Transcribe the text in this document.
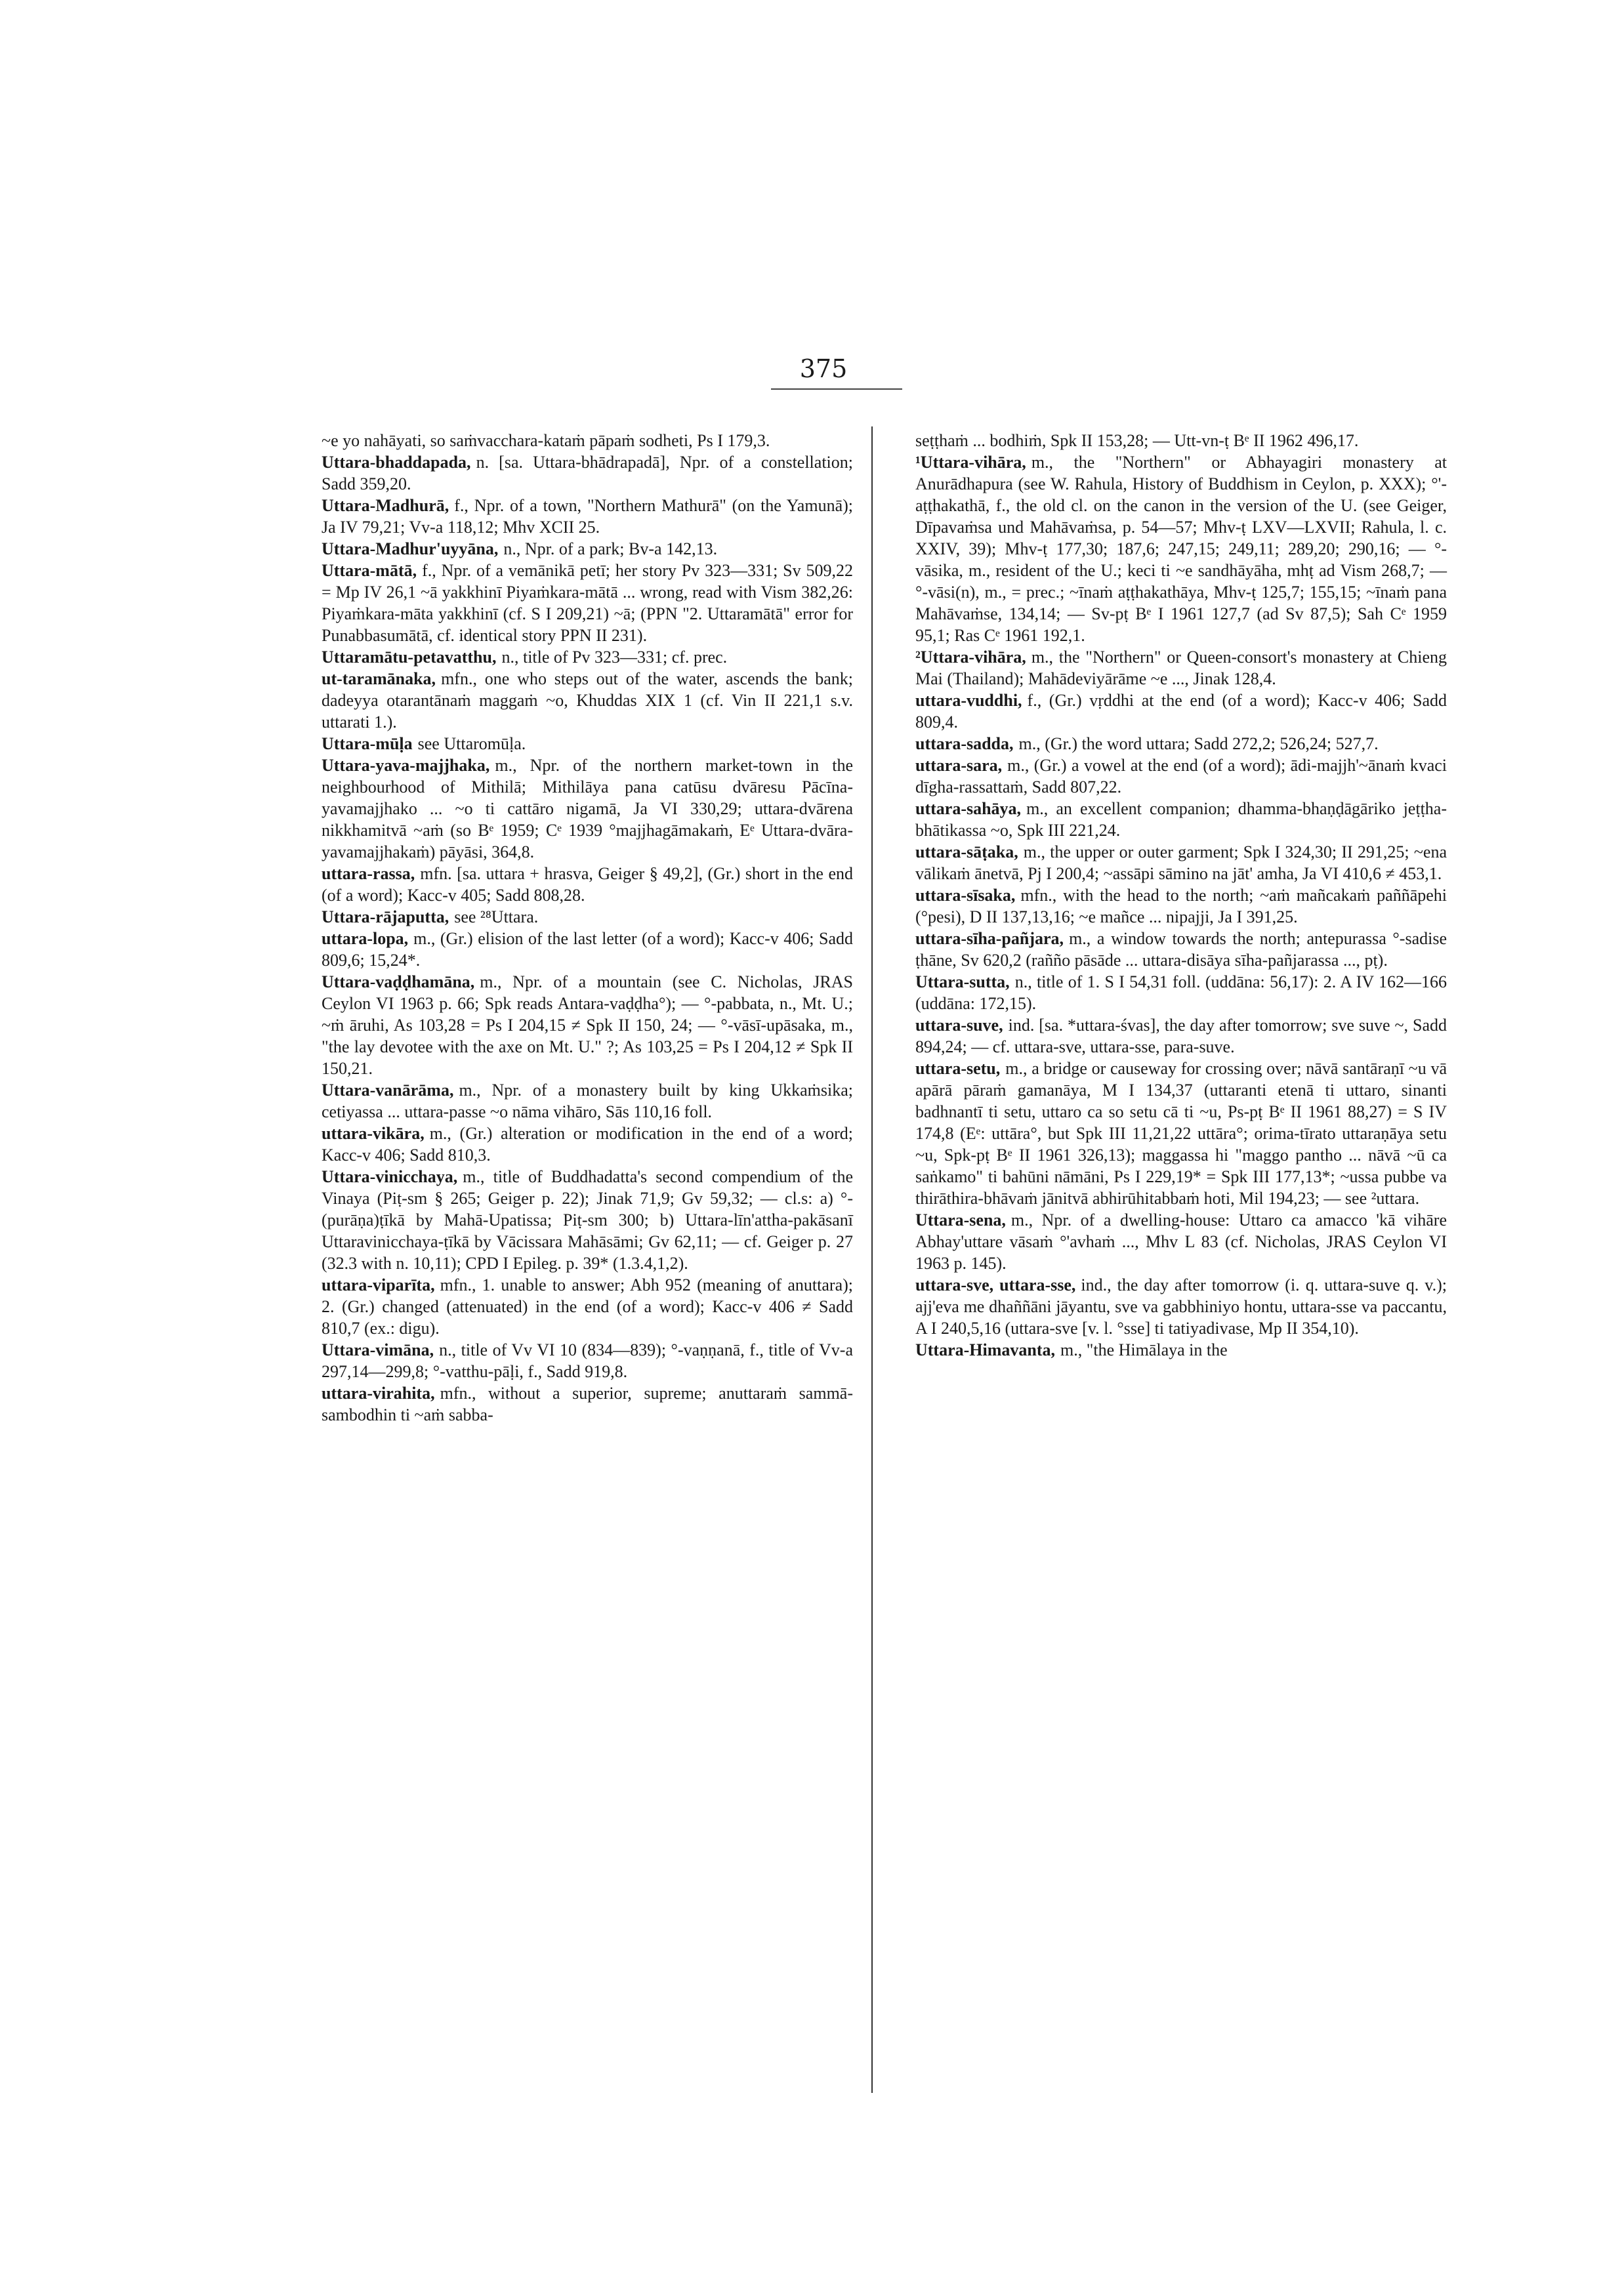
375

~e yo nahāyati, so saṁvacchara-kataṁ pāpaṁ sodheti, Ps I 179,3.

Uttara-bhaddapada, n. [sa. Uttara-bhādrapadā], Npr. of a constellation; Sadd 359,20.

Uttara-Madhurā, f., Npr. of a town, "Northern Mathurā" (on the Yamunā); Ja IV 79,21; Vv-a 118,12; Mhv XCII 25.

Uttara-Madhur'uyyāna, n., Npr. of a park; Bv-a 142,13.

Uttara-mātā, f., Npr. of a vemānikā petī; her story Pv 323—331; Sv 509,22 = Mp IV 26,1 ~ā yakkhinī Piyaṁkara-mātā ... wrong, read with Vism 382,26: Piyaṁkara-māta yakkhinī (cf. S I 209,21) ~ā; (PPN "2. Uttaramātā" error for Punabbasumātā, cf. identical story PPN II 231).

Uttaramātu-petavatthu, n., title of Pv 323—331; cf. prec.

ut-taramānaka, mfn., one who steps out of the water, ascends the bank; dadeyya otarantānaṁ maggaṁ ~o, Khuddas XIX 1 (cf. Vin II 221,1 s.v. uttarati 1.).

Uttara-mūḷa see Uttaromūḷa.

Uttara-yava-majjhaka, m., Npr. of the northern market-town in the neighbourhood of Mithilā; Mithilāya pana catūsu dvāresu Pācīna-yavamajjhako ... ~o ti cattāro nigamā, Ja VI 330,29; uttara-dvārena nikkhamitvā ~aṁ (so Bᵉ 1959; Cᵉ 1939 °majjhagāmakaṁ, Eᵉ Uttara-dvāra-yavamajjhakaṁ) pāyāsi, 364,8.

uttara-rassa, mfn. [sa. uttara + hrasva, Geiger § 49,2], (Gr.) short in the end (of a word); Kacc-v 405; Sadd 808,28.

Uttara-rājaputta, see ²⁸Uttara.

uttara-lopa, m., (Gr.) elision of the last letter (of a word); Kacc-v 406; Sadd 809,6; 15,24*.

Uttara-vaḍḍhamāna, m., Npr. of a mountain (see C. Nicholas, JRAS Ceylon VI 1963 p. 66; Spk reads Antara-vaḍḍha°); — °-pabbata, n., Mt. U.; ~ṁ āruhi, As 103,28 = Ps I 204,15 ≠ Spk II 150, 24; — °-vāsī-upāsaka, m., "the lay devotee with the axe on Mt. U." ?; As 103,25 = Ps I 204,12 ≠ Spk II 150,21.

Uttara-vanārāma, m., Npr. of a monastery built by king Ukkaṁsika; cetiyassa ... uttara-passe ~o nāma vihāro, Sās 110,16 foll.

uttara-vikāra, m., (Gr.) alteration or modification in the end of a word; Kacc-v 406; Sadd 810,3.

Uttara-vinicchaya, m., title of Buddhadatta's second compendium of the Vinaya (Piṭ-sm § 265; Geiger p. 22); Jinak 71,9; Gv 59,32; — cl.s: a) °-(purāṇa)ṭīkā by Mahā-Upatissa; Piṭ-sm 300; b) Uttara-līn'attha-pakāsanī Uttaravinicchaya-ṭīkā by Vācissara Mahāsāmi; Gv 62,11; — cf. Geiger p. 27 (32.3 with n. 10,11); CPD I Epileg. p. 39* (1.3.4,1,2).

uttara-viparīta, mfn., 1. unable to answer; Abh 952 (meaning of anuttara); 2. (Gr.) changed (attenuated) in the end (of a word); Kacc-v 406 ≠ Sadd 810,7 (ex.: digu).

Uttara-vimāna, n., title of Vv VI 10 (834—839); °-vaṇṇanā, f., title of Vv-a 297,14—299,8; °-vatthu-pāḷi, f., Sadd 919,8.

uttara-virahita, mfn., without a superior, supreme; anuttaraṁ sammā-sambodhin ti ~aṁ sabba-

seṭṭhaṁ ... bodhiṁ, Spk II 153,28; — Utt-vn-ṭ Bᵉ II 1962 496,17.

¹Uttara-vihāra, m., the "Northern" or Abhayagiri monastery at Anurādhapura (see W. Rahula, History of Buddhism in Ceylon, p. XXX); °'-aṭṭhakathā, f., the old cl. on the canon in the version of the U. (see Geiger, Dīpavaṁsa und Mahāvaṁsa, p. 54—57; Mhv-ṭ LXV—LXVII; Rahula, l. c. XXIV, 39); Mhv-ṭ 177,30; 187,6; 247,15; 249,11; 289,20; 290,16; — °-vāsika, m., resident of the U.; keci ti ~e sandhāyāha, mhṭ ad Vism 268,7; — °-vāsi(n), m., = prec.; ~īnaṁ aṭṭhakathāya, Mhv-ṭ 125,7; 155,15; ~īnaṁ pana Mahāvaṁse, 134,14; — Sv-pṭ Bᵉ I 1961 127,7 (ad Sv 87,5); Sah Cᵉ 1959 95,1; Ras Cᵉ 1961 192,1.

²Uttara-vihāra, m., the "Northern" or Queen-consort's monastery at Chieng Mai (Thailand); Mahādeviyārāme ~e ..., Jinak 128,4.

uttara-vuddhi, f., (Gr.) vṛddhi at the end (of a word); Kacc-v 406; Sadd 809,4.

uttara-sadda, m., (Gr.) the word uttara; Sadd 272,2; 526,24; 527,7.

uttara-sara, m., (Gr.) a vowel at the end (of a word); ādi-majjh'~ānaṁ kvaci dīgha-rassattaṁ, Sadd 807,22.

uttara-sahāya, m., an excellent companion; dhamma-bhaṇḍāgāriko jeṭṭha-bhātikassa ~o, Spk III 221,24.

uttara-sāṭaka, m., the upper or outer garment; Spk I 324,30; II 291,25; ~ena vālikaṁ ānetvā, Pj I 200,4; ~assāpi sāmino na jāt' amha, Ja VI 410,6 ≠ 453,1.

uttara-sīsaka, mfn., with the head to the north; ~aṁ mañcakaṁ paññāpehi (°pesi), D II 137,13,16; ~e mañce ... nipajji, Ja I 391,25.

uttara-sīha-pañjara, m., a window towards the north; antepurassa °-sadise ṭhāne, Sv 620,2 (rañño pāsāde ... uttara-disāya sīha-pañjarassa ..., pṭ).

Uttara-sutta, n., title of 1. S I 54,31 foll. (uddāna: 56,17): 2. A IV 162—166 (uddāna: 172,15).

uttara-suve, ind. [sa. *uttara-śvas], the day after tomorrow; sve suve ~, Sadd 894,24; — cf. uttara-sve, uttara-sse, para-suve.

uttara-setu, m., a bridge or causeway for crossing over; nāvā santāraṇī ~u vā apārā pāraṁ gamanāya, M I 134,37 (uttaranti etenā ti uttaro, sinanti badhnantī ti setu, uttaro ca so setu cā ti ~u, Ps-pṭ Bᵉ II 1961 88,27) = S IV 174,8 (Eᵉ: uttāra°, but Spk III 11,21,22 uttāra°; orima-tīrato uttaraṇāya setu ~u, Spk-pṭ Bᵉ II 1961 326,13); maggassa hi "maggo pantho ... nāvā ~ū ca saṅkamo" ti bahūni nāmāni, Ps I 229,19* = Spk III 177,13*; ~ussa pubbe va thirāthira-bhāvaṁ jānitvā abhirūhitabbaṁ hoti, Mil 194,23; — see ²uttara.

Uttara-sena, m., Npr. of a dwelling-house: Uttaro ca amacco 'kā vihāre Abhay'uttare vāsaṁ °'avhaṁ ..., Mhv L 83 (cf. Nicholas, JRAS Ceylon VI 1963 p. 145).

uttara-sve, uttara-sse, ind., the day after tomorrow (i. q. uttara-suve q. v.); ajj'eva me dhaññāni jāyantu, sve va gabbhiniyo hontu, uttara-sse va paccantu, A I 240,5,16 (uttara-sve [v. l. °sse] ti tatiyadivase, Mp II 354,10).

Uttara-Himavanta, m., "the Himālaya in the
